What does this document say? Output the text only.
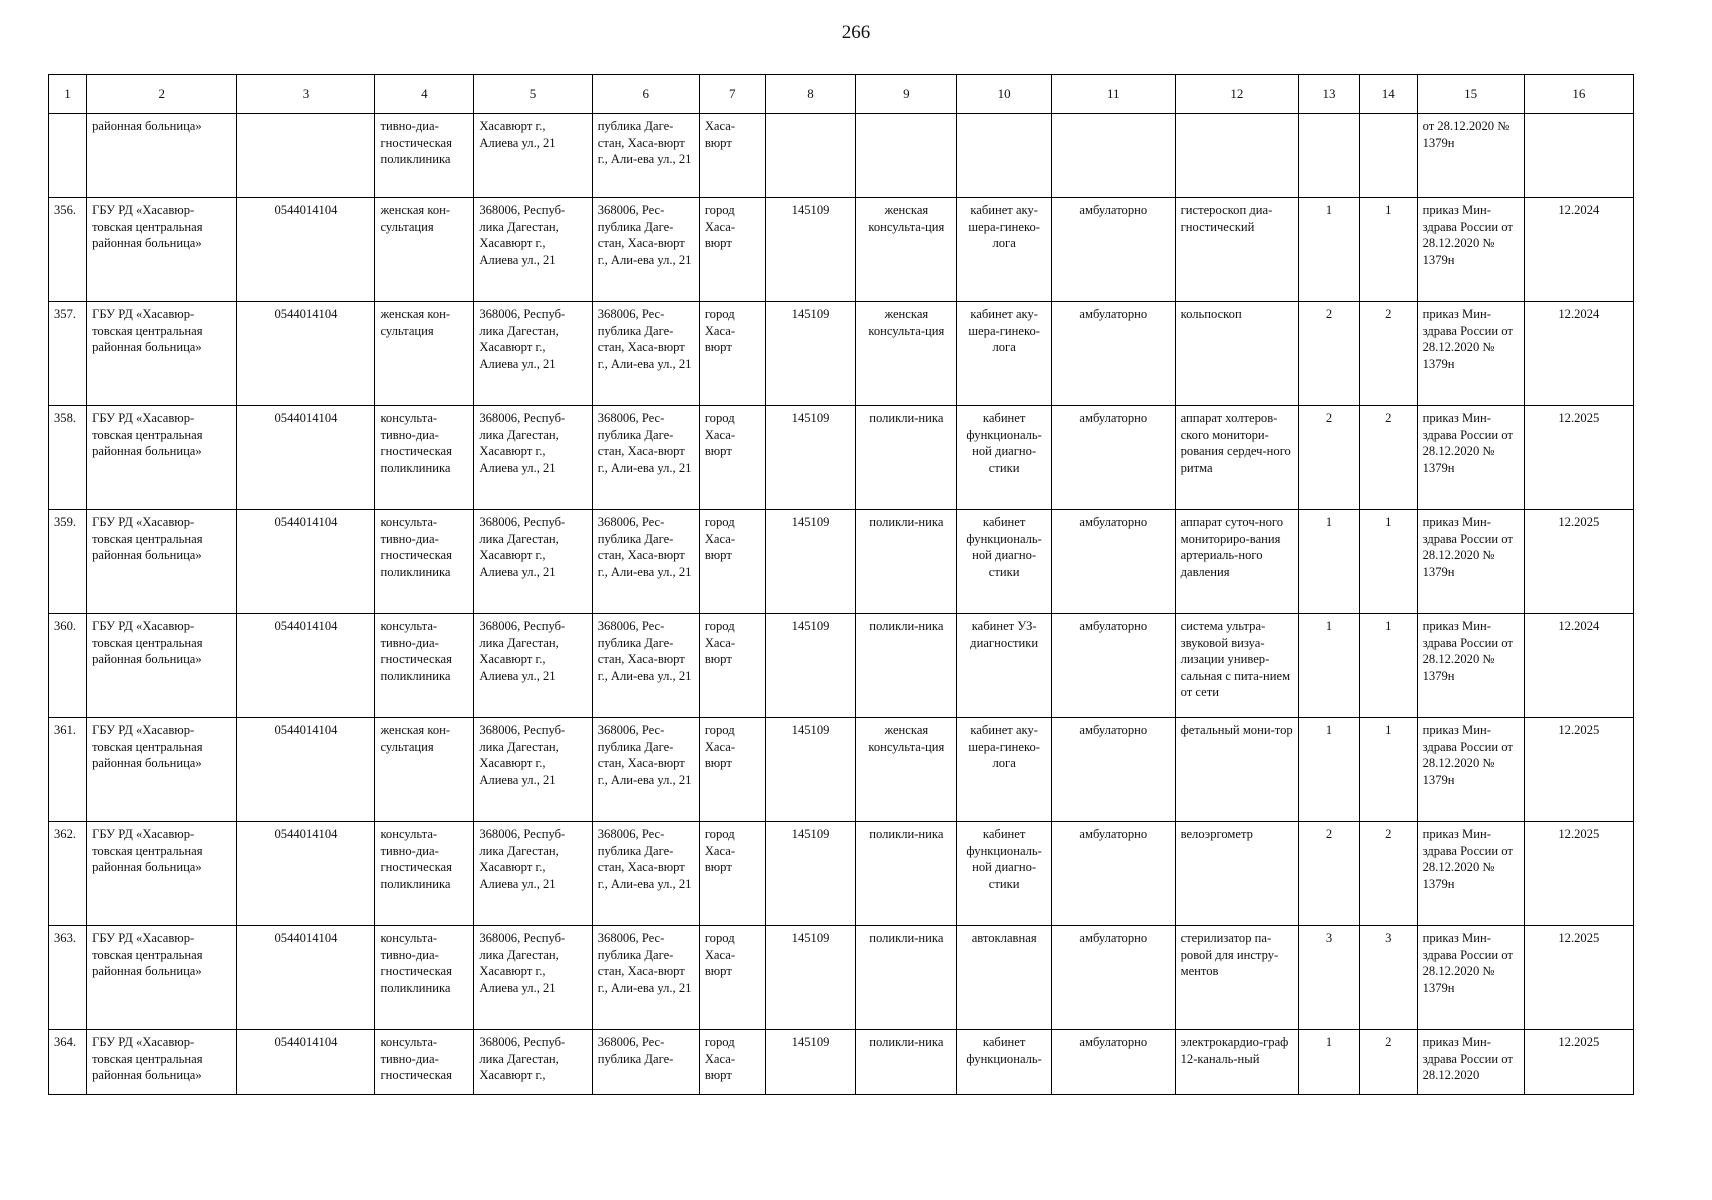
266
1	2	3	4	5	6	7	8	9	10	11	12	13	14	15	16
	районная больница»		тивно-диа-гностическая поликлиника	Хасавюрт г., Алиева ул., 21	публика Даге-стан, Хаса-вюрт г., Али-ева ул., 21	Хаса-вюрт								от 28.12.2020 № 1379н	
356.	ГБУ РД «Хасавюр-товская центральная районная больница»	0544014104	женская кон-сультация	368006, Респуб-лика Дагестан, Хасавюрт г., Алиева ул., 21	368006, Рес-публика Даге-стан, Хаса-вюрт г., Али-ева ул., 21	город Хаса-вюрт	145109	женская консульта-ция	кабинет аку-шера-гинеко-лога	амбулаторно	гистероскоп диа-гностический	1	1	приказ Мин-здрава России от 28.12.2020 № 1379н	12.2024
357.	ГБУ РД «Хасавюр-товская центральная районная больница»	0544014104	женская кон-сультация	368006, Респуб-лика Дагестан, Хасавюрт г., Алиева ул., 21	368006, Рес-публика Даге-стан, Хаса-вюрт г., Али-ева ул., 21	город Хаса-вюрт	145109	женская консульта-ция	кабинет аку-шера-гинеко-лога	амбулаторно	кольпоскоп	2	2	приказ Мин-здрава России от 28.12.2020 № 1379н	12.2024
358.	ГБУ РД «Хасавюр-товская центральная районная больница»	0544014104	консульта-тивно-диа-гностическая поликлиника	368006, Респуб-лика Дагестан, Хасавюрт г., Алиева ул., 21	368006, Рес-публика Даге-стан, Хаса-вюрт г., Али-ева ул., 21	город Хаса-вюрт	145109	поликли-ника	кабинет функциональ-ной диагно-стики	амбулаторно	аппарат холтеров-ского монитори-рования сердеч-ного ритма	2	2	приказ Мин-здрава России от 28.12.2020 № 1379н	12.2025
359.	ГБУ РД «Хасавюр-товская центральная районная больница»	0544014104	консульта-тивно-диа-гностическая поликлиника	368006, Респуб-лика Дагестан, Хасавюрт г., Алиева ул., 21	368006, Рес-публика Даге-стан, Хаса-вюрт г., Али-ева ул., 21	город Хаса-вюрт	145109	поликли-ника	кабинет функциональ-ной диагно-стики	амбулаторно	аппарат суточ-ного мониториро-вания артериаль-ного давления	1	1	приказ Мин-здрава России от 28.12.2020 № 1379н	12.2025
360.	ГБУ РД «Хасавюр-товская центральная районная больница»	0544014104	консульта-тивно-диа-гностическая поликлиника	368006, Респуб-лика Дагестан, Хасавюрт г., Алиева ул., 21	368006, Рес-публика Даге-стан, Хаса-вюрт г., Али-ева ул., 21	город Хаса-вюрт	145109	поликли-ника	кабинет УЗ-диагностики	амбулаторно	система ультра-звуковой визуа-лизации универ-сальная с пита-нием от сети	1	1	приказ Мин-здрава России от 28.12.2020 № 1379н	12.2024
361.	ГБУ РД «Хасавюр-товская центральная районная больница»	0544014104	женская кон-сультация	368006, Респуб-лика Дагестан, Хасавюрт г., Алиева ул., 21	368006, Рес-публика Даге-стан, Хаса-вюрт г., Али-ева ул., 21	город Хаса-вюрт	145109	женская консульта-ция	кабинет аку-шера-гинеко-лога	амбулаторно	фетальный мони-тор	1	1	приказ Мин-здрава России от 28.12.2020 № 1379н	12.2025
362.	ГБУ РД «Хасавюр-товская центральная районная больница»	0544014104	консульта-тивно-диа-гностическая поликлиника	368006, Респуб-лика Дагестан, Хасавюрт г., Алиева ул., 21	368006, Рес-публика Даге-стан, Хаса-вюрт г., Али-ева ул., 21	город Хаса-вюрт	145109	поликли-ника	кабинет функциональ-ной диагно-стики	амбулаторно	велоэргометр	2	2	приказ Мин-здрава России от 28.12.2020 № 1379н	12.2025
363.	ГБУ РД «Хасавюр-товская центральная районная больница»	0544014104	консульта-тивно-диа-гностическая поликлиника	368006, Респуб-лика Дагестан, Хасавюрт г., Алиева ул., 21	368006, Рес-публика Даге-стан, Хаса-вюрт г., Али-ева ул., 21	город Хаса-вюрт	145109	поликли-ника	автоклавная	амбулаторно	стерилизатор па-ровой для инстру-ментов	3	3	приказ Мин-здрава России от 28.12.2020 № 1379н	12.2025
364.	ГБУ РД «Хасавюр-товская центральная районная больница»	0544014104	консульта-тивно-диа-гностическая	368006, Респуб-лика Дагестан, Хасавюрт г.,	368006, Рес-публика Даге-	город Хаса-вюрт	145109	поликли-ника	кабинет функциональ-	амбулаторно	электрокардио-граф 12-каналь-ный	1	2	приказ Мин-здрава России от 28.12.2020	12.2025
